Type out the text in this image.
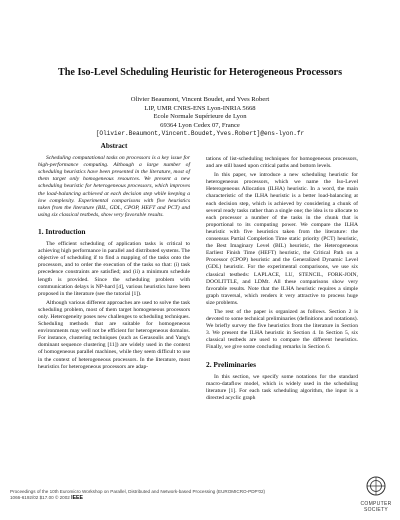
The Iso-Level Scheduling Heuristic for Heterogeneous Processors
Olivier Beaumont, Vincent Boudet, and Yves Robert
LIP, UMR CNRS-ENS Lyon-INRIA 5668
Ecole Normale Supérieure de Lyon
69364 Lyon Cedex 07, France
[Olivier.Beaumont,Vincent.Boudet,Yves.Robert]@ens-lyon.fr
Abstract

Scheduling computational tasks on processors is a key issue for high-performance computing. Although a large number of scheduling heuristics have been presented in the literature, most of them target only homogeneous resources. We present a new scheduling heuristic for heterogeneous processors, which improves the load-balancing achieved at each decision step while keeping a low complexity. Experimental comparisons with five heuristics taken from the literature (BIL, GDL, CPOP, HEFT and PCT) and using six classical testbeds, show very favorable results.

1. Introduction

The efficient scheduling of application tasks is critical to achieving high performance in parallel and distributed systems. The objective of scheduling if to find a mapping of the tasks onto the processors, and to order the execution of the tasks so that: (i) task precedence constraints are satisfied; and (ii) a minimum schedule length is provided. Since the scheduling problem with communication delays is NP-hard [4], various heuristics have been proposed in the literature (see the tutorial [1]).

Although various different approaches are used to solve the task scheduling problem, most of them target homogeneous processors only. Heterogeneity poses new challenges to scheduling techniques. Scheduling methods that are suitable for homogeneous environments may well not be efficient for heterogeneous domains. For instance, clustering techniques (such as Gerasoulis and Yang's dominant sequence clustering [11]) are widely used in the context of homogeneous parallel machines, while they seem difficult to use in the context of heterogeneous processors. In the literature, most heuristics for heterogeneous processors are adap-

tations of list-scheduling techniques for homogeneous processors, and are still based upon critical paths and bottom levels.

In this paper, we introduce a new scheduling heuristic for heterogeneous processors, which we name the Iso-Level Heterogeneous Allocation (ILHA) heuristic. In a word, the main characteristic of the ILHA heuristic is a better load-balancing at each decision step, which is achieved by considering a chunk of several ready tasks rather than a single one; the idea is to allocate to each processor a number of the tasks in the chunk that is proportional to its computing power. We compare the ILHA heuristic with five heuristics taken from the literature: the consensus Partial Completion Time static priority (PCT) heuristic, the Best Imaginary Level (BIL) heuristic, the Heterogeneous Earliest Finish Time (HEFT) heuristic, the Critical Path on a Processor (CPOP) heuristic and the Generalized Dynamic Level (GDL) heuristic. For the experimental comparisons, we use six classical testbeds: LAPLACE, LU, STENCIL, FORK-JOIN, DOOLITTLE, and LDMt. All these comparisons show very favorable results. Note that the ILHA heuristic requires a simple graph traversal, which renders it very attractive to process huge size problems.

The rest of the paper is organized as follows. Section 2 is devoted to some technical preliminaries (definitions and notations). We briefly survey the five heuristics from the literature in Section 3. We present the ILHA heuristic in Section 4. In Section 5, six classical testbeds are used to compare the different heuristics. Finally, we give some concluding remarks in Section 6.

2. Preliminaries

In this section, we specify some notations for the standard macro-dataflow model, which is widely used in the scheduling literature [1]. For each task scheduling algorithm, the input is a directed acyclic graph

Proceedings of the 10th Euromicro Workshop on Parallel, Distributed and Network-based Processing (EUROMICRO-PDP'02)
1066-6192/02 $17.00 © 2002 IEEE
COMPUTER
SOCIETY
